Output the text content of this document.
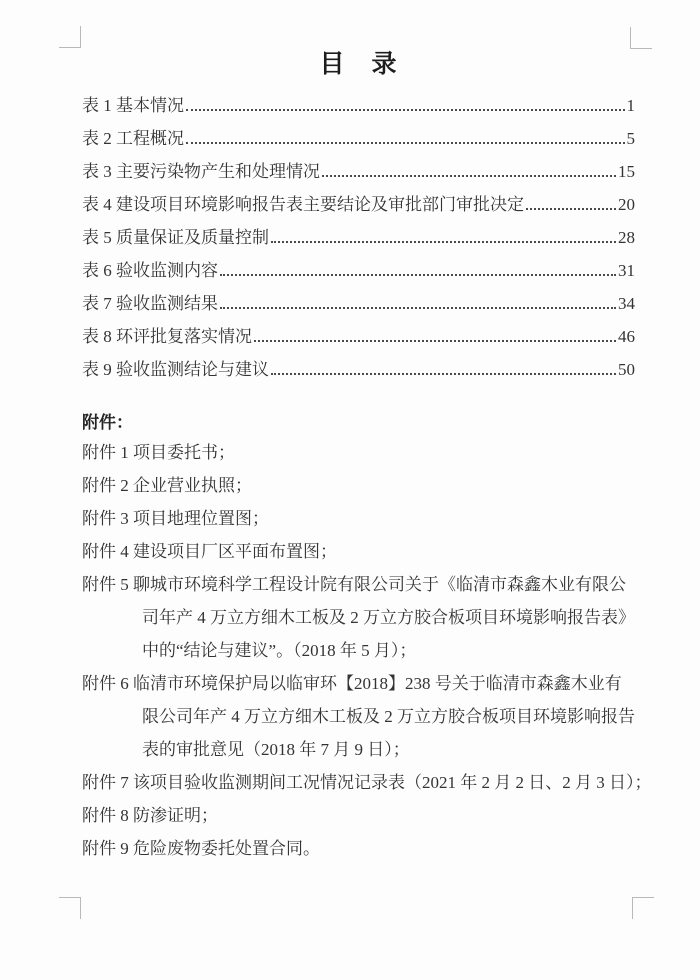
目　录
表 1 基本情况	1
表 2 工程概况	5
表 3 主要污染物产生和处理情况	15
表 4 建设项目环境影响报告表主要结论及审批部门审批决定	20
表 5 质量保证及质量控制	28
表 6 验收监测内容	31
表 7 验收监测结果	34
表 8 环评批复落实情况	46
表 9 验收监测结论与建议	50
附件：
附件 1 项目委托书；
附件 2 企业营业执照；
附件 3 项目地理位置图；
附件 4 建设项目厂区平面布置图；
附件 5 聊城市环境科学工程设计院有限公司关于《临清市森鑫木业有限公
司年产 4 万立方细木工板及 2 万立方胶合板项目环境影响报告表》
中的“结论与建议”。（2018 年 5 月）；
附件 6 临清市环境保护局以临审环【2018】238 号关于临清市森鑫木业有
限公司年产 4 万立方细木工板及 2 万立方胶合板项目环境影响报告
表的审批意见（2018 年 7 月 9 日）；
附件 7 该项目验收监测期间工况情况记录表（2021 年 2 月 2 日、2 月 3 日）；
附件 8 防渗证明；
附件 9 危险废物委托处置合同。
